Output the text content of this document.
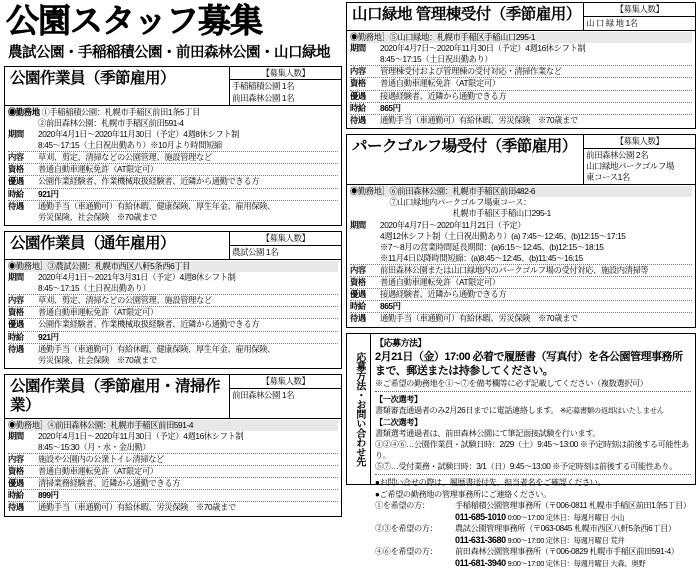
公園スタッフ募集
農試公園・手稲稲積公園・前田森林公園・山口緑地
公園作業員（季節雇用）	【募集人数】
手稲稲積公園 1名
前田森林公園 1名
◉勤務地 ①手稲稲積公園：札幌市手稲区前田1条5丁目
②前田森林公園：札幌市手稲区前田591-4
期間	2020年4月1日～2020年11月30日（予定）4週8休シフト制
8:45～17:15（土日祝出勤あり）※10月より時間短縮
内容	草刈、剪定、清掃などの公園管理、施設管理など
資格	普通自動車運転免許（AT限定可）
優遇	公園作業経験者、作業機械取扱経験者、近隣から通勤できる方
時給	921円
待遇	通勤手当（車通勤可）有給休暇、健康保険、厚生年金、雇用保険、
労災保険、社会保険　※70歳まで
公園作業員（通年雇用）	【募集人数】
農試公園 1名
◉勤務地］③農試公園：札幌市西区八軒5条西6丁目
期間	2020年4月1日～2021年3月31日（予定）4週8休シフト制
8:45～17:15（土日祝出勤あり）
内容	草刈、剪定、清掃などの公園管理、施設管理など
資格	普通自動車運転免許（AT限定可）
優遇	公園作業経験者、作業機械取扱経験者、近隣から通勤できる方
時給	921円
待遇	通勤手当（車通勤可）有給休暇、健康保険、厚生年金、雇用保険、
労災保険、社会保険　※70歳まで
公園作業員（季節雇用・清掃作業）
【募集人数】
前田森林公園 1名
◉勤務地］④前田森林公園：札幌市手稲区前田591-4
期間	2020年4月1日～2020年11月30日（予定）4週16休シフト制
8:45～15:30（月・水・金出勤）
内容	施設や公園内の公衆トイレ清掃など
資格	普通自動車運転免許（AT限定可）
優遇	清掃業務経験者、近隣から通勤できる方
時給	899円
待遇	通勤手当（車通勤可）有給休暇、労災保険　※70歳まで
山口緑地 管理棟受付（季節雇用）	【募集人数】
山 口 緑 地 1名
◉勤務地］⑤山口緑地：札幌市手稲区手稲山口295-1
期間	2020年4月7日～2020年11月30日（予定）4週16休シフト制
8:45～17:15（土日祝出勤あり）
内容	管理棟受付および管理棟の受付対応・清掃作業など
資格	普通自動車運転免許（AT限定可）
優遇	接遇経験者、近隣から通勤できる方
時給	865円
待遇	通勤手当（車通勤可）有給休暇、労災保険　※70歳まで
パークゴルフ場受付（季節雇用）	【募集人数】
前田森林公園 2名
山口緑地パークゴルフ場
東コース1名
◉勤務地］⑥前田森林公園：札幌市手稲区前田482-6
　　　　　⑦山口緑地内パークゴルフ場東コース：
　　　　　　　　　　　　　札幌市手稲区手稲山口295-1
期間	2020年4月7日～2020年11月21日（予定）
4週12休シフト制（土日祝出勤あり）(a) 7:45～12:45、(b)12:15～17:15
※7～8月の営業時間延長期間：(a)6:15～12:45、(b)12:15～18:15
※11月4日以降時間短縮：(a)8:45～12:45、(b)11:45～16:15
内容	前田森林公園または山口緑地内のパークゴルフ場の受付対応、施設内清掃等
資格	普通自動車運転免許（AT限定可）
優遇	接遇経験者、近隣から通勤できる方
時給	865円
待遇	通勤手当（車通勤可）有給休暇、労災保険　※70歳まで
応募方法・お問い合わせ先
【応募方法】
2月21日（金）17:00 必着で履歴書（写真付）を各公園管理事務所まで、郵送または持参してください。
※ご希望の勤務地を①～⑦を備考欄等に必ず記載してください（複数選択可）
【一次選考】
書類審査通過者のみ2月26日までに電話連絡します。 ※応募書類の返却はいたしません
【二次選考】
書類選考通過者は、前田森林公園にて筆記面接試験を行います。
①②④⑥…公園作業員・試験日時：2/29（土）9:45～13:00 ※予定時刻は前後する可能性あり。
⑤⑦…受付業務・試験日時：3/1（日）9:45～13:00 ※予定時刻は前後する可能性あり。
●お問い合せの際は、履歴書送付先、担当者名をご確認ください。
●ご希望の勤務地の管理事務所にご連絡ください。
①を希望の方：	手稲稲積公園管理事務所（〒006-0811 札幌市手稲区前田1条5丁目）
011-685-1010 0:00～17:00 定休日：毎週月曜日 小山
②③を希望の方：	農試公園管理事務所（〒063-0845 札幌市西区八軒5条西6丁目）
011-631-3680 9:00～17:00 定休日：毎週月曜日 荒井
④⑥を希望の方：	前田森林公園管理事務所（〒006-0829 札幌市手稲区前田591-4）
011-681-3940 9:00～17:00 定休日：毎週月曜日 大森、奥野
